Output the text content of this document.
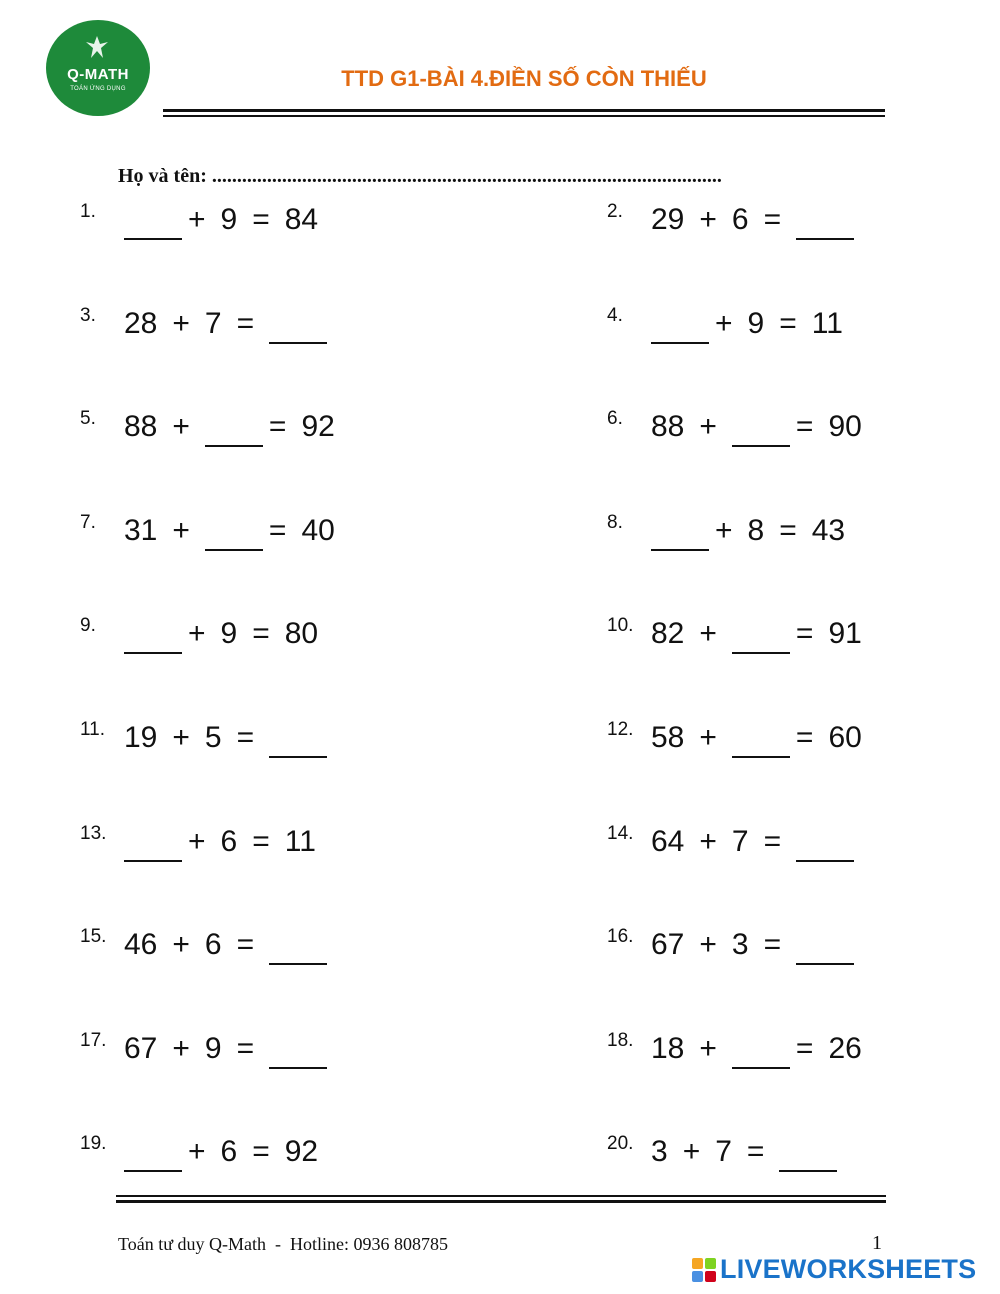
Q-MATH
TOÁN ỨNG DỤNG	TTD G1-BÀI 4.ĐIỀN SỐ CÒN THIẾU
Họ và tên: ......................................................................................................
1.	+ 9 = 84	2. 29 + 6 =
3. 28 + 7 =	4.	+ 9 = 11
5. 88 +	= 92	6. 88 +	= 90
7. 31 +	= 40	8.	+ 8 = 43
9.	+ 9 = 80	10. 82 +	= 91
11. 19 + 5 =	12. 58 +	= 60
13.	+ 6 = 11	14. 64 + 7 =
15. 46 + 6 =	16. 67 + 3 =
17. 67 + 9 =	18. 18 +	= 26
19.	+ 6 = 92	20. 3 + 7 =
Toán tư duy Q-Math  -  Hotline: 0936 808785	1
LIVEWORKSHEETS
